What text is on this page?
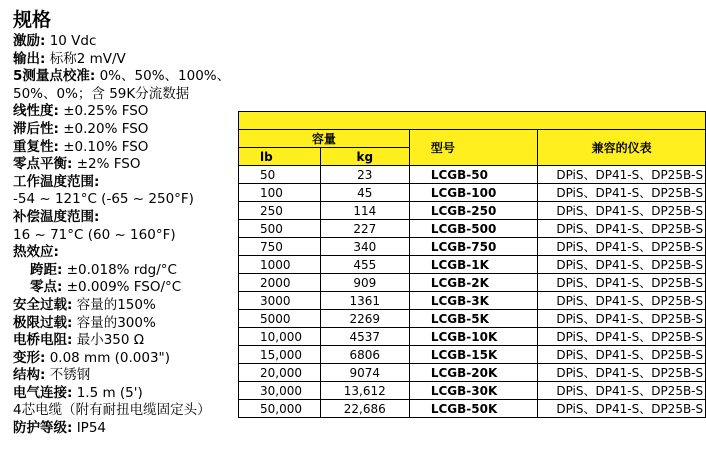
规格
激励: 10 Vdc
输出: 标称2 mV/V
5测量点校准: 0%、50%、100%、
50%、0%；含 59K分流数据
线性度: ±0.25% FSO
滞后性: ±0.20% FSO
重复性: ±0.10% FSO
零点平衡: ±2% FSO
工作温度范围:
-54 ~ 121°C (-65 ~ 250°F)
补偿温度范围:
16 ~ 71°C (60 ~ 160°F)
热效应:
跨距: ±0.018% rdg/°C
零点: ±0.009% FSO/°C
安全过载: 容量的150%
极限过载: 容量的300%
电桥电阻: 最小350 Ω
变形: 0.08 mm (0.003")
结构: 不锈钢
电气连接: 1.5 m (5')
4芯电缆（附有耐扭电缆固定头）
防护等级: IP54

容量		型号	兼容的仪表
lb	kg		
50	23	LCGB-50	DPiS、DP41-S、DP25B-S
100	45	LCGB-100	DPiS、DP41-S、DP25B-S
250	114	LCGB-250	DPiS、DP41-S、DP25B-S
500	227	LCGB-500	DPiS、DP41-S、DP25B-S
750	340	LCGB-750	DPiS、DP41-S、DP25B-S
1000	455	LCGB-1K	DPiS、DP41-S、DP25B-S
2000	909	LCGB-2K	DPiS、DP41-S、DP25B-S
3000	1361	LCGB-3K	DPiS、DP41-S、DP25B-S
5000	2269	LCGB-5K	DPiS、DP41-S、DP25B-S
10,000	4537	LCGB-10K	DPiS、DP41-S、DP25B-S
15,000	6806	LCGB-15K	DPiS、DP41-S、DP25B-S
20,000	9074	LCGB-20K	DPiS、DP41-S、DP25B-S
30,000	13,612	LCGB-30K	DPiS、DP41-S、DP25B-S
50,000	22,686	LCGB-50K	DPiS、DP41-S、DP25B-S
